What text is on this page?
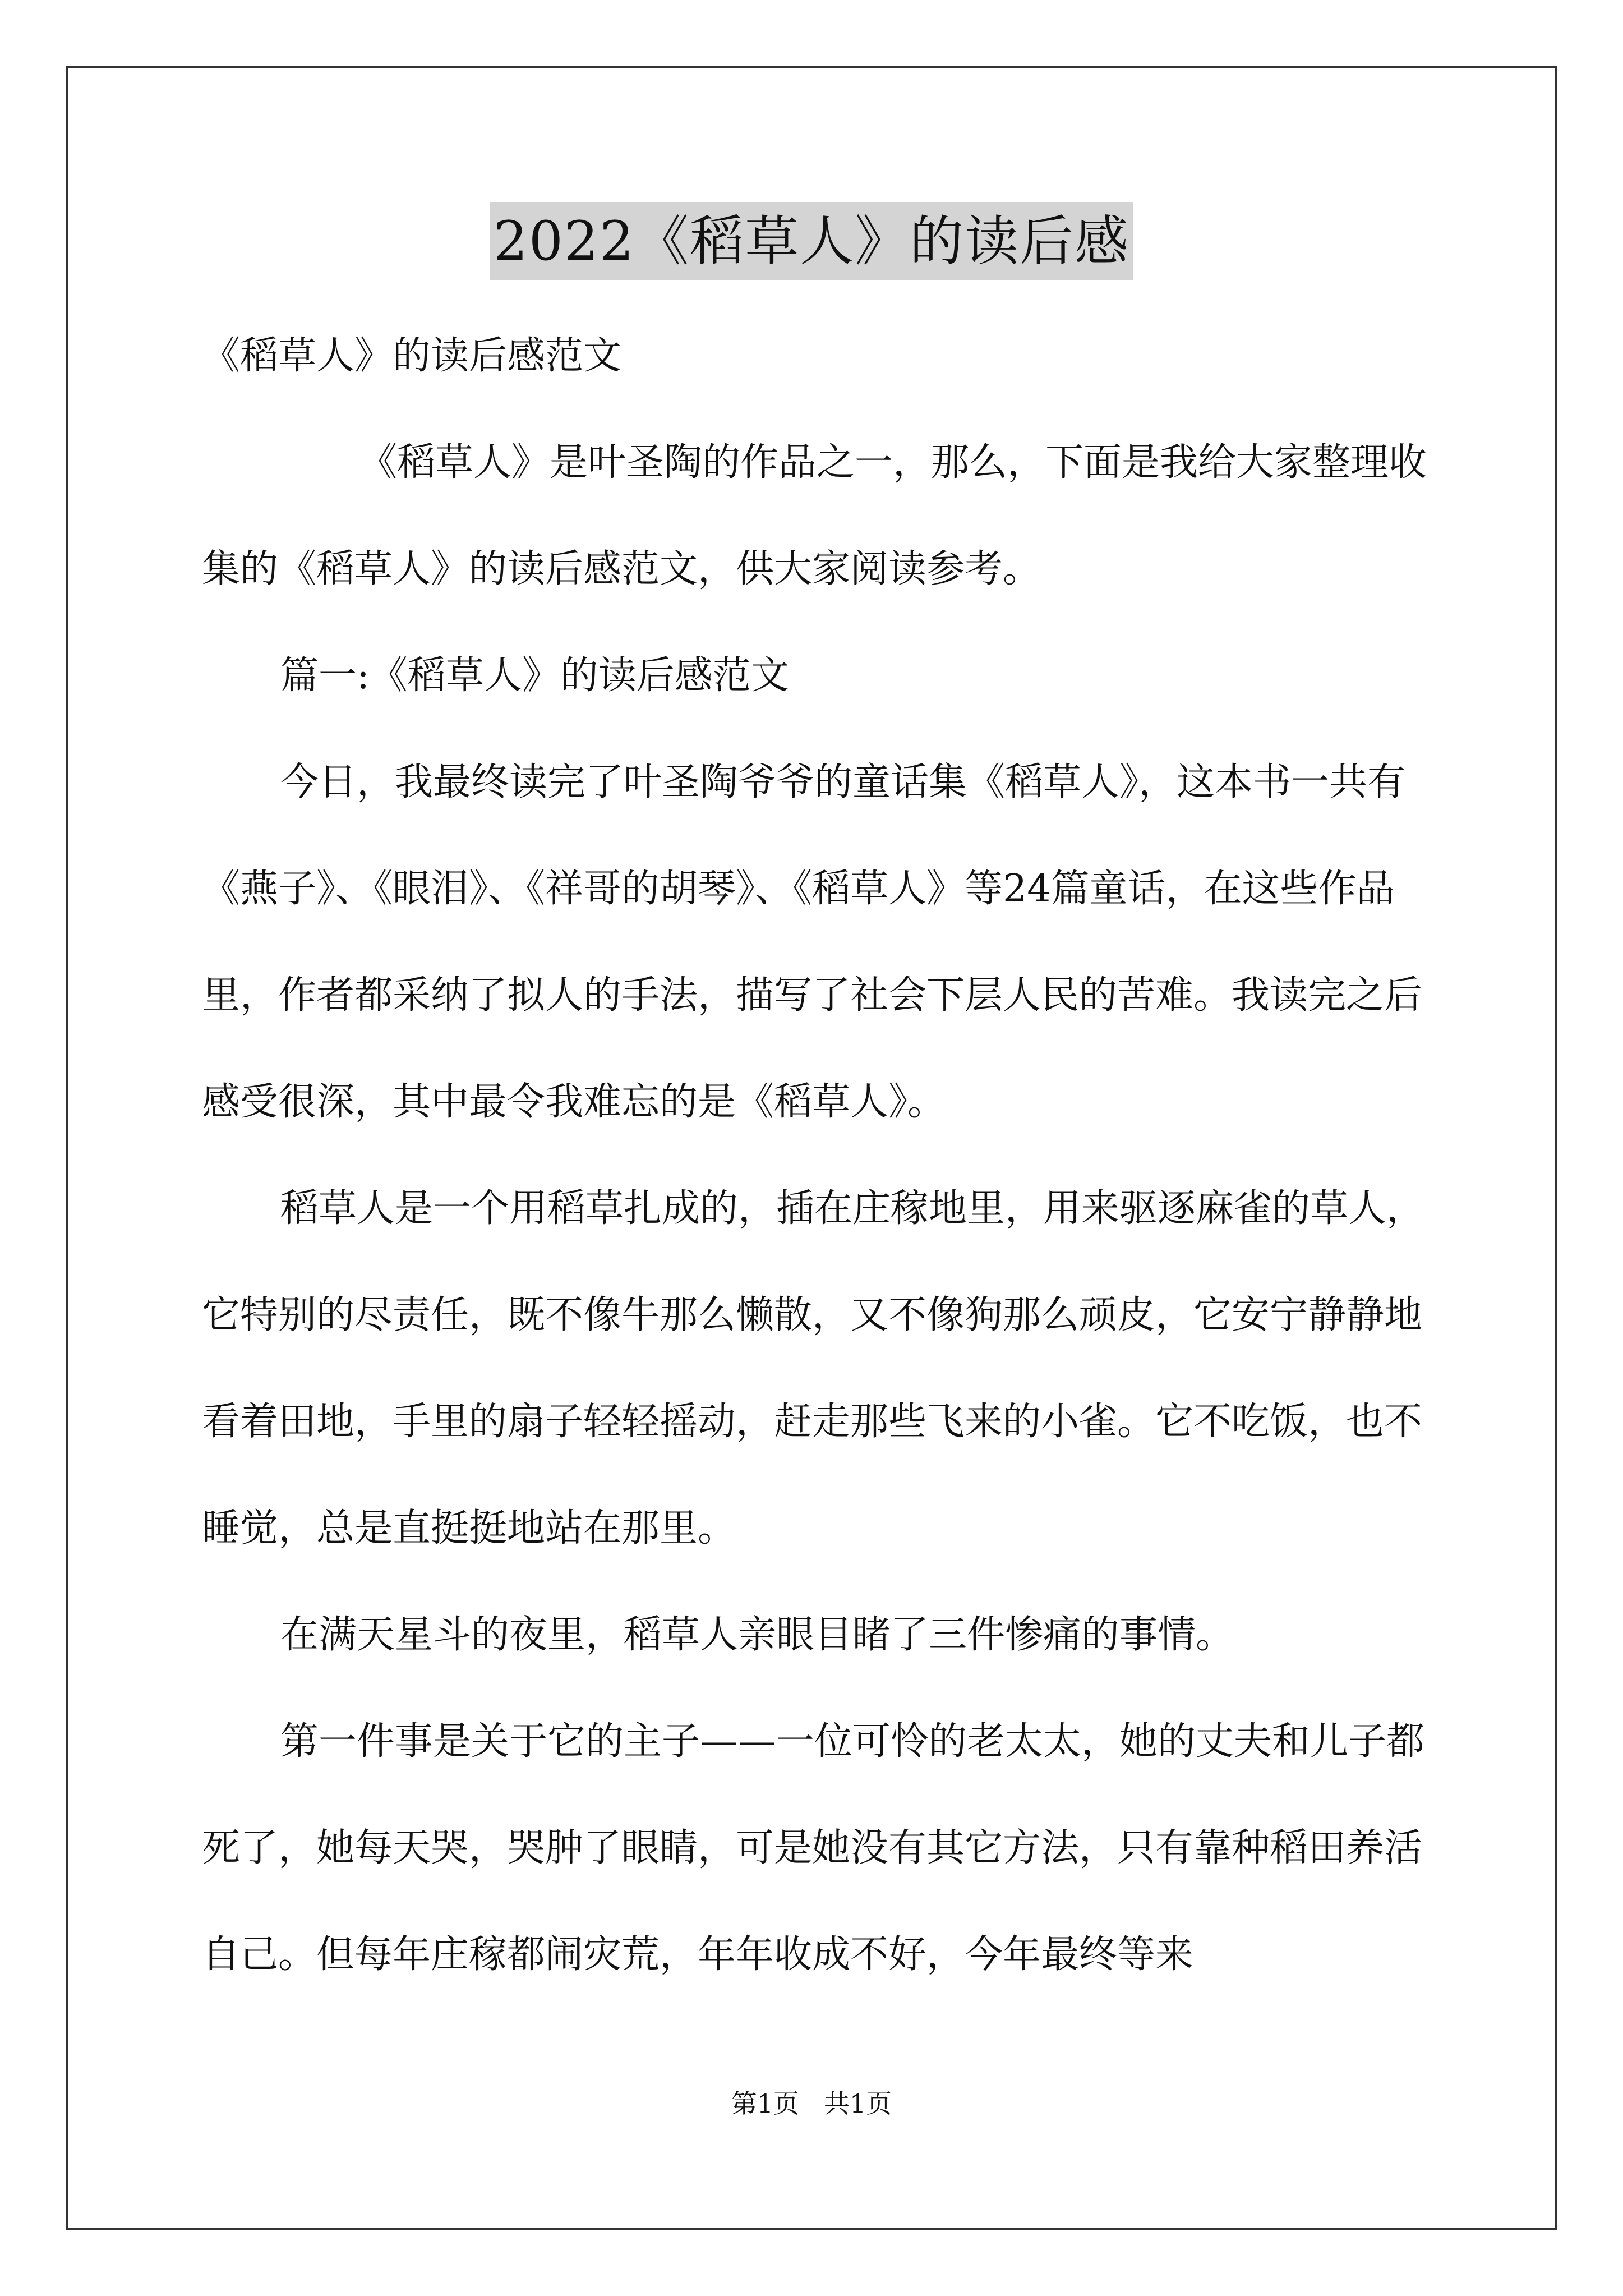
2022《稻草人》的读后感

《稻草人》的读后感范文

《稻草人》是叶圣陶的作品之一，那么，下面是我给大家整理收集的《稻草人》的读后感范文，供大家阅读参考。

篇一:《稻草人》的读后感范文

今日，我最终读完了叶圣陶爷爷的童话集《稻草人》，这本书一共有《燕子》、《眼泪》、《祥哥的胡琴》、《稻草人》等24篇童话，在这些作品里，作者都采纳了拟人的手法，描写了社会下层人民的苦难。我读完之后感受很深，其中最令我难忘的是《稻草人》。

稻草人是一个用稻草扎成的，插在庄稼地里，用来驱逐麻雀的草人，它特别的尽责任，既不像牛那么懒散，又不像狗那么顽皮，它安宁静静地看着田地，手里的扇子轻轻摇动，赶走那些飞来的小雀。它不吃饭，也不睡觉，总是直挺挺地站在那里。

在满天星斗的夜里，稻草人亲眼目睹了三件惨痛的事情。

第一件事是关于它的主子——一位可怜的老太太，她的丈夫和儿子都死了，她每天哭，哭肿了眼睛，可是她没有其它方法，只有靠种稻田养活自己。但每年庄稼都闹灾荒，年年收成不好，今年最终等来

第1页 共1页
